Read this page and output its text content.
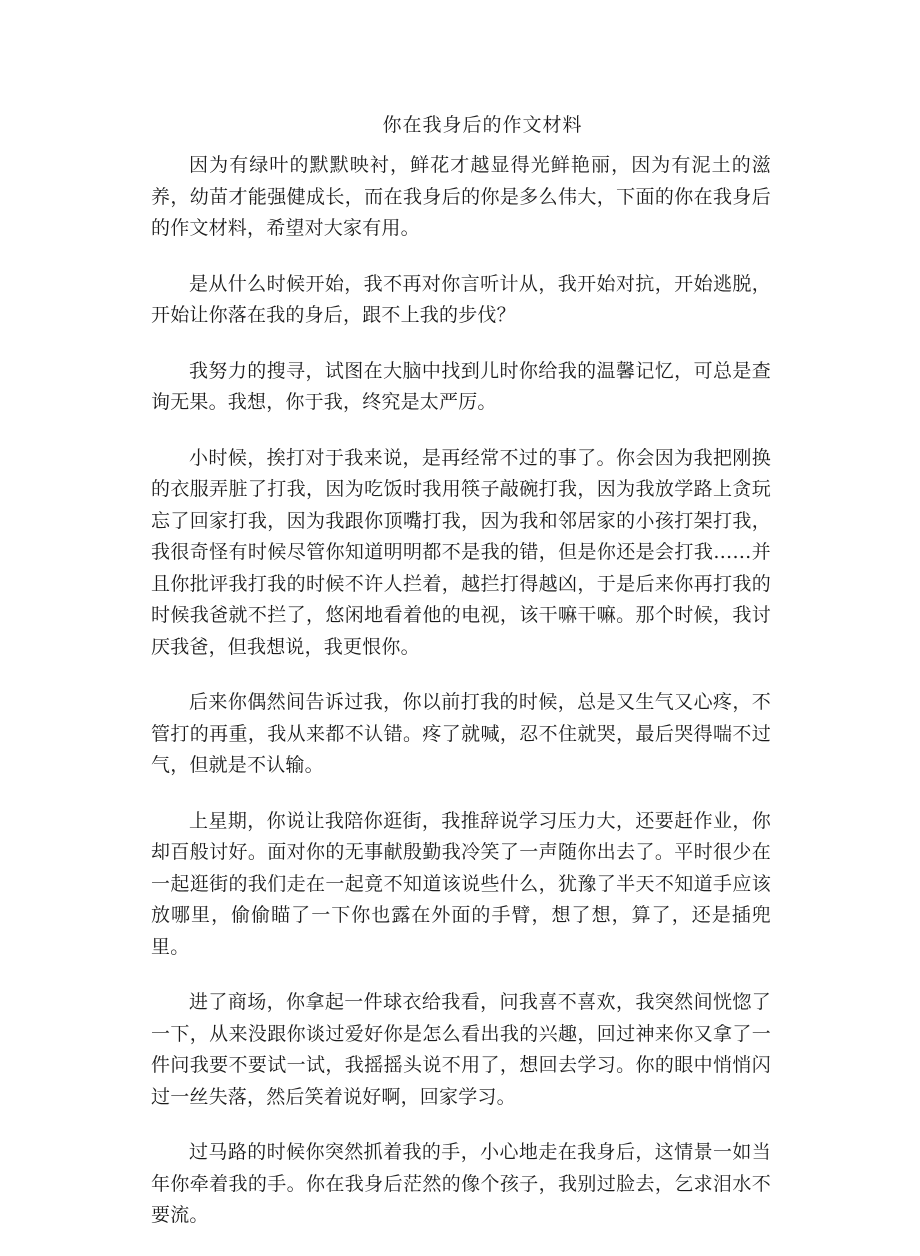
你在我身后的作文材料

因为有绿叶的默默映衬，鲜花才越显得光鲜艳丽，因为有泥土的滋养，幼苗才能强健成长，而在我身后的你是多么伟大，下面的你在我身后的作文材料，希望对大家有用。

是从什么时候开始，我不再对你言听计从，我开始对抗，开始逃脱，开始让你落在我的身后，跟不上我的步伐？

我努力的搜寻，试图在大脑中找到儿时你给我的温馨记忆，可总是查询无果。我想，你于我，终究是太严厉。

小时候，挨打对于我来说，是再经常不过的事了。你会因为我把刚换的衣服弄脏了打我，因为吃饭时我用筷子敲碗打我，因为我放学路上贪玩忘了回家打我，因为我跟你顶嘴打我，因为我和邻居家的小孩打架打我，我很奇怪有时候尽管你知道明明都不是我的错，但是你还是会打我……并且你批评我打我的时候不许人拦着，越拦打得越凶，于是后来你再打我的时候我爸就不拦了，悠闲地看着他的电视，该干嘛干嘛。那个时候，我讨厌我爸，但我想说，我更恨你。

后来你偶然间告诉过我，你以前打我的时候，总是又生气又心疼，不管打的再重，我从来都不认错。疼了就喊，忍不住就哭，最后哭得喘不过气，但就是不认输。

上星期，你说让我陪你逛街，我推辞说学习压力大，还要赶作业，你却百般讨好。面对你的无事献殷勤我冷笑了一声随你出去了。平时很少在一起逛街的我们走在一起竟不知道该说些什么，犹豫了半天不知道手应该放哪里，偷偷瞄了一下你也露在外面的手臂，想了想，算了，还是插兜里。

进了商场，你拿起一件球衣给我看，问我喜不喜欢，我突然间恍惚了一下，从来没跟你谈过爱好你是怎么看出我的兴趣，回过神来你又拿了一件问我要不要试一试，我摇摇头说不用了，想回去学习。你的眼中悄悄闪过一丝失落，然后笑着说好啊，回家学习。

过马路的时候你突然抓着我的手，小心地走在我身后，这情景一如当年你牵着我的手。你在我身后茫然的像个孩子，我别过脸去，乞求泪水不要流。
